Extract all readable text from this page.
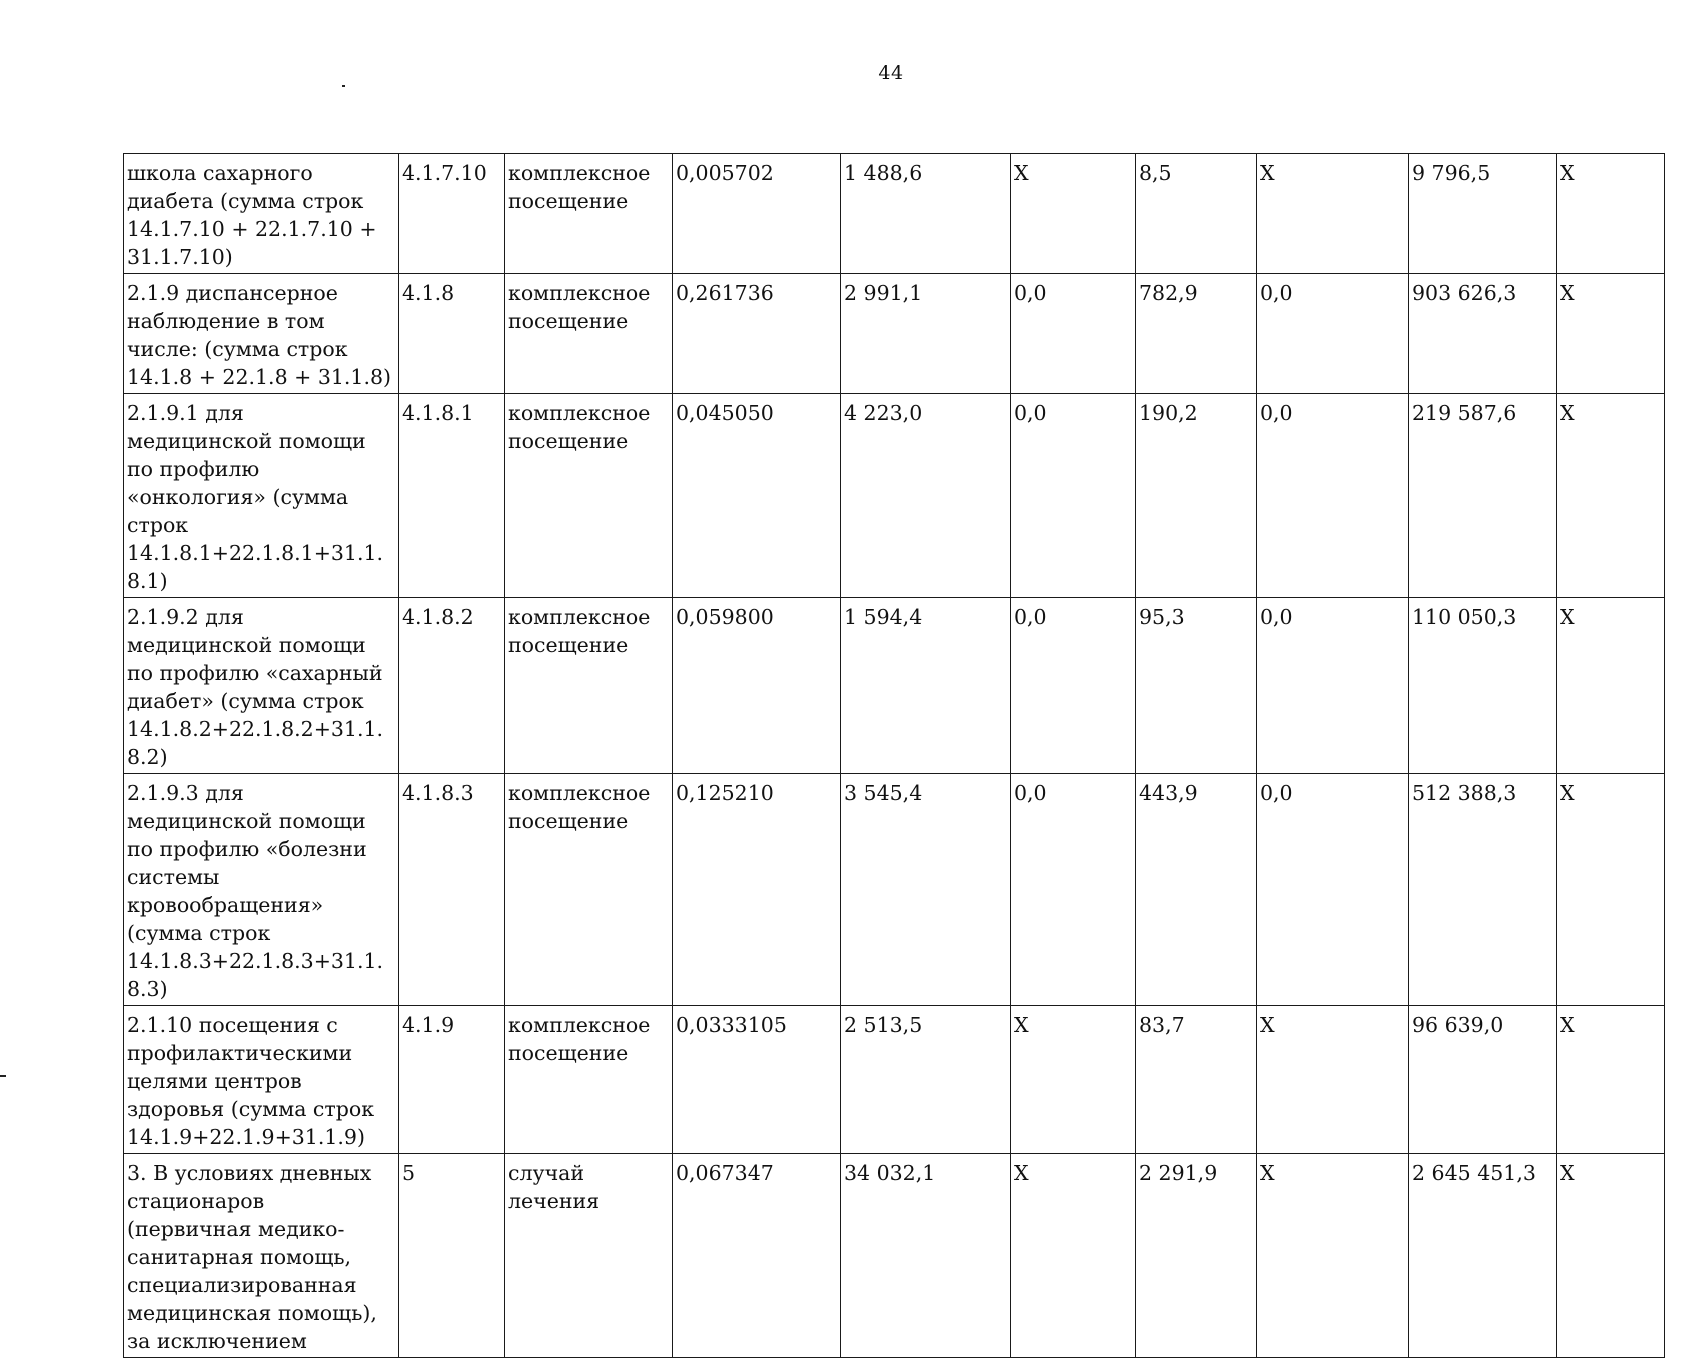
44
школа сахарного диабета (сумма строк 14.1.7.10 + 22.1.7.10 + 31.1.7.10)	4.1.7.10	комплексное посещение	0,005702	1 488,6	X	8,5	X	9 796,5	X
2.1.9 диспансерное наблюдение в том числе: (сумма строк 14.1.8 + 22.1.8 + 31.1.8)	4.1.8	комплексное посещение	0,261736	2 991,1	0,0	782,9	0,0	903 626,3	X
2.1.9.1 для медицинской помощи по профилю «онкология» (сумма строк 14.1.8.1+22.1.8.1+31.1.8.1)	4.1.8.1	комплексное посещение	0,045050	4 223,0	0,0	190,2	0,0	219 587,6	X
2.1.9.2 для медицинской помощи по профилю «сахарный диабет» (сумма строк 14.1.8.2+22.1.8.2+31.1.8.2)	4.1.8.2	комплексное посещение	0,059800	1 594,4	0,0	95,3	0,0	110 050,3	X
2.1.9.3 для медицинской помощи по профилю «болезни системы кровообращения» (сумма строк 14.1.8.3+22.1.8.3+31.1.8.3)	4.1.8.3	комплексное посещение	0,125210	3 545,4	0,0	443,9	0,0	512 388,3	X
2.1.10 посещения с профилактическими целями центров здоровья (сумма строк 14.1.9+22.1.9+31.1.9)	4.1.9	комплексное посещение	0,0333105	2 513,5	X	83,7	X	96 639,0	X
3. В условиях дневных стационаров (первичная медико-санитарная помощь, специализированная медицинская помощь), за исключением	5	случай лечения	0,067347	34 032,1	X	2 291,9	X	2 645 451,3	X
